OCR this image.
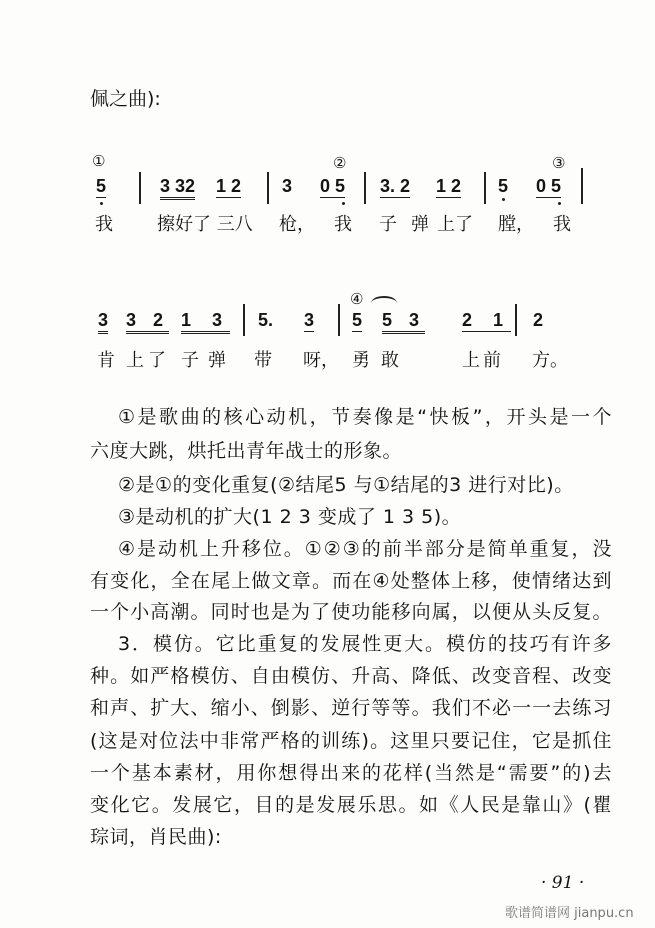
佩之曲):
①	②	③
5	3 32 1 2 3 0 5 3. 2 1 2 5 0 5
我 擦好了 三八 枪， 我 子 弹 上了 膛， 我
④
3 3 2 1 3 5. 3 5 5 3 2 1 2
肯 上 了 子 弹 带 呀， 勇 敢	上 前 方。
①是歌曲的核心动机，节奏像是“快板”，开头是一个
六度大跳，烘托出青年战士的形象。
②是①的变化重复(②结尾5 与①结尾的3 进行对比)。
③是动机的扩大(1 2 3 变成了 1 3 5)。
④是动机上升移位。①②③的前半部分是简单重复，没
有变化，全在尾上做文章。而在④处整体上移，使情绪达到
一个小高潮。同时也是为了使功能移向属，以便从头反复。
3．模仿。它比重复的发展性更大。模仿的技巧有许多
种。如严格模仿、自由模仿、升高、降低、改变音程、改变
和声、扩大、缩小、倒影、逆行等等。我们不必一一去练习
(这是对位法中非常严格的训练)。这里只要记住，它是抓住
一个基本素材，用你想得出来的花样(当然是“需要”的)去
变化它。发展它，目的是发展乐思。如《人民是靠山》(瞿
琮词，肖民曲):
· 91 ·
歌谱简谱网 jianpu.cn
